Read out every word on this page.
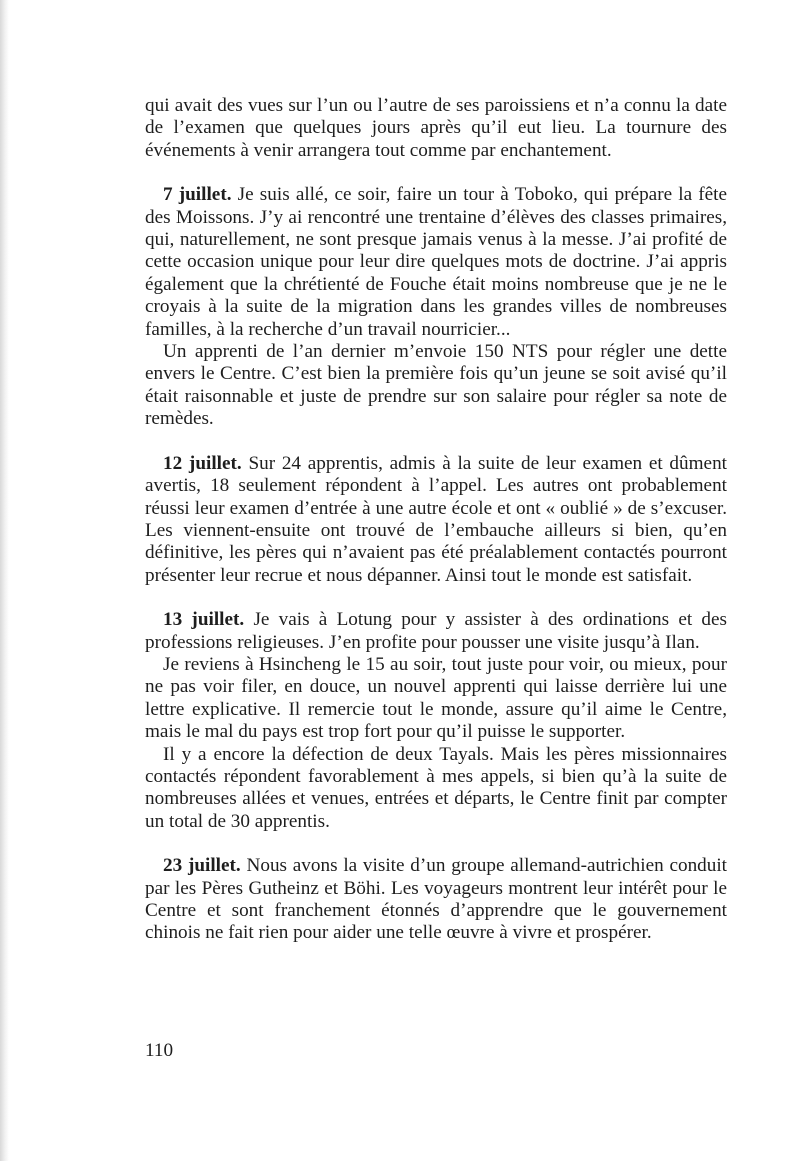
qui avait des vues sur l’un ou l’autre de ses paroissiens et n’a connu la date de l’examen que quelques jours après qu’il eut lieu. La tournure des événements à venir arrangera tout comme par enchantement.

7 juillet. Je suis allé, ce soir, faire un tour à Toboko, qui prépare la fête des Moissons. J’y ai rencontré une trentaine d’élèves des classes primaires, qui, naturellement, ne sont presque jamais venus à la messe. J’ai profité de cette occasion unique pour leur dire quelques mots de doctrine. J’ai appris également que la chrétienté de Fouche était moins nombreuse que je ne le croyais à la suite de la migration dans les grandes villes de nombreuses familles, à la recherche d’un travail nourricier...

Un apprenti de l’an dernier m’envoie 150 NTS pour régler une dette envers le Centre. C’est bien la première fois qu’un jeune se soit avisé qu’il était raisonnable et juste de prendre sur son salaire pour régler sa note de remèdes.

12 juillet. Sur 24 apprentis, admis à la suite de leur examen et dûment avertis, 18 seulement répondent à l’appel. Les autres ont probablement réussi leur examen d’entrée à une autre école et ont « oublié » de s’excuser. Les viennent-ensuite ont trouvé de l’embauche ailleurs si bien, qu’en définitive, les pères qui n’avaient pas été préalablement contactés pourront présenter leur recrue et nous dépanner. Ainsi tout le monde est satisfait.

13 juillet. Je vais à Lotung pour y assister à des ordinations et des professions religieuses. J’en profite pour pousser une visite jusqu’à Ilan.

Je reviens à Hsincheng le 15 au soir, tout juste pour voir, ou mieux, pour ne pas voir filer, en douce, un nouvel apprenti qui laisse derrière lui une lettre explicative. Il remercie tout le monde, assure qu’il aime le Centre, mais le mal du pays est trop fort pour qu’il puisse le supporter.

Il y a encore la défection de deux Tayals. Mais les pères missionnaires contactés répondent favorablement à mes appels, si bien qu’à la suite de nombreuses allées et venues, entrées et départs, le Centre finit par compter un total de 30 apprentis.

23 juillet. Nous avons la visite d’un groupe allemand-autrichien conduit par les Pères Gutheinz et Böhi. Les voyageurs montrent leur intérêt pour le Centre et sont franchement étonnés d’apprendre que le gouvernement chinois ne fait rien pour aider une telle œuvre à vivre et prospérer.

110
